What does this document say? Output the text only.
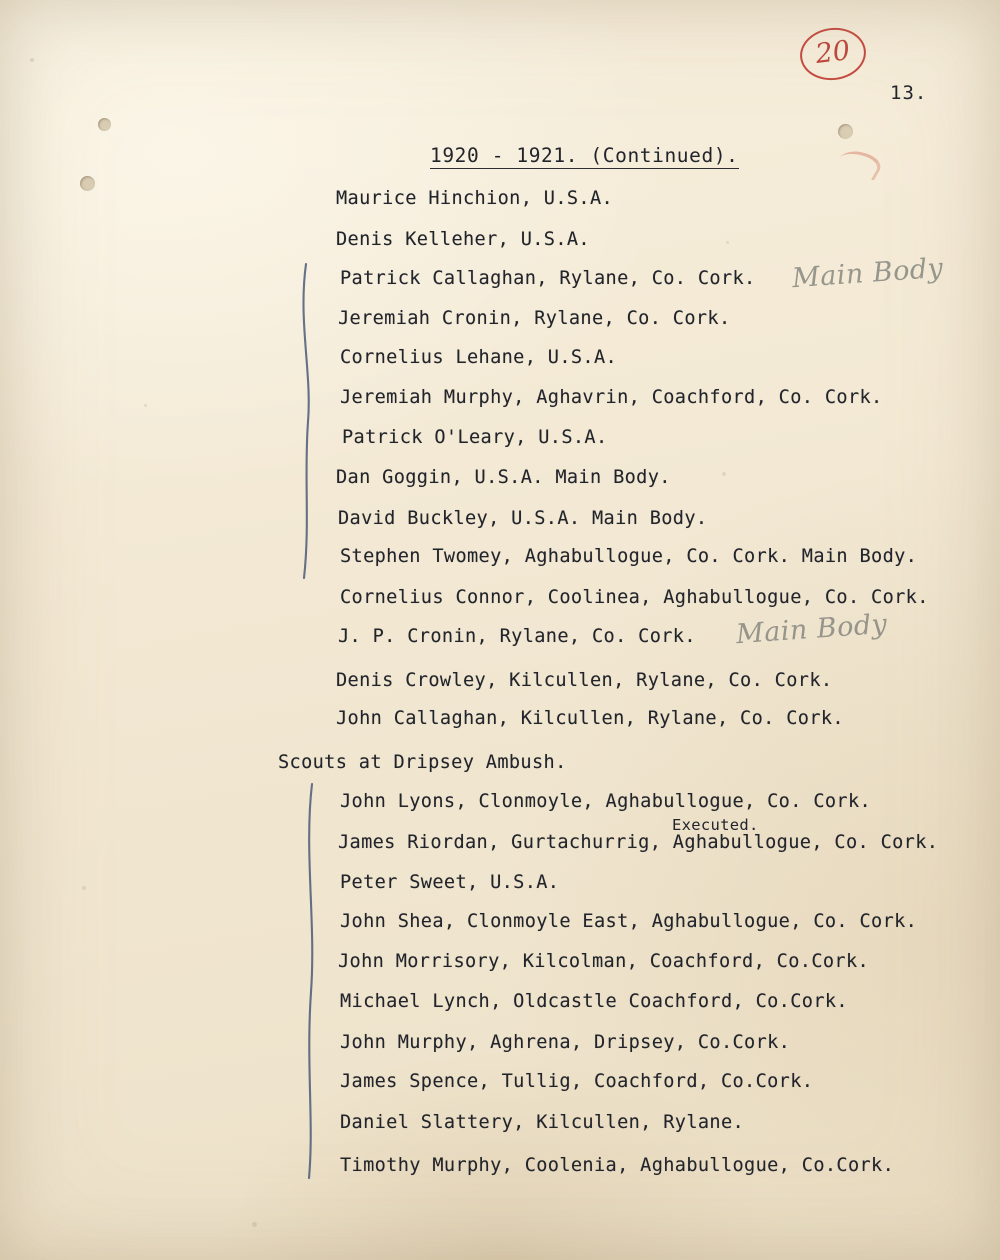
20
13.
1920 - 1921. (Continued).
Main Body
Main Body
Maurice Hinchion, U.S.A.
Denis Kelleher, U.S.A.
Patrick Callaghan, Rylane, Co. Cork.
Jeremiah Cronin, Rylane, Co. Cork.
Cornelius Lehane, U.S.A.
Jeremiah Murphy, Aghavrin, Coachford, Co. Cork.
Patrick O'Leary, U.S.A.
Dan Goggin, U.S.A. Main Body.
David Buckley, U.S.A. Main Body.
Stephen Twomey, Aghabullogue, Co. Cork. Main Body.
Cornelius Connor, Coolinea, Aghabullogue, Co. Cork.
J. P. Cronin, Rylane, Co. Cork.
Denis Crowley, Kilcullen, Rylane, Co. Cork.
John Callaghan, Kilcullen, Rylane, Co. Cork.
Scouts at Dripsey Ambush.
John Lyons, Clonmoyle, Aghabullogue, Co. Cork.
Executed.
James Riordan, Gurtachurrig, Aghabullogue, Co. Cork.
Peter Sweet, U.S.A.
John Shea, Clonmoyle East, Aghabullogue, Co. Cork.
John Morrisory, Kilcolman, Coachford, Co.Cork.
Michael Lynch, Oldcastle Coachford, Co.Cork.
John Murphy, Aghrena, Dripsey, Co.Cork.
James Spence, Tullig, Coachford, Co.Cork.
Daniel Slattery, Kilcullen, Rylane.
Timothy Murphy, Coolenia, Aghabullogue, Co.Cork.
